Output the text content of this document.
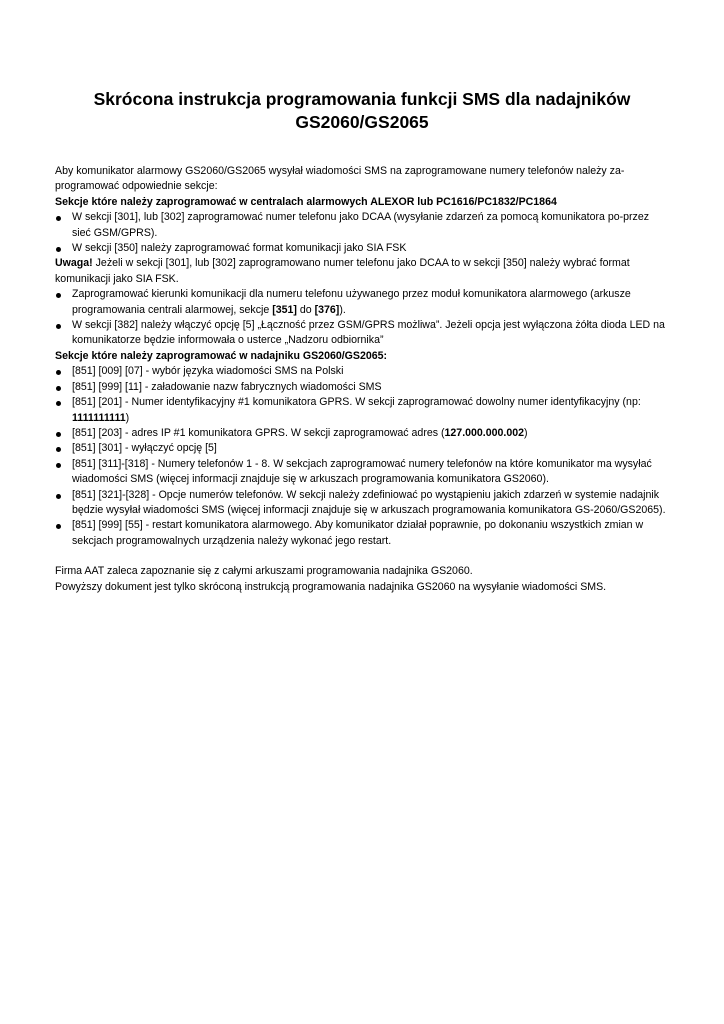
Skrócona instrukcja programowania funkcji SMS dla nadajników
GS2060/GS2065

Aby komunikator alarmowy GS2060/GS2065 wysyłał wiadomości SMS na zaprogramowane numery telefonów należy za-programować odpowiednie sekcje:

Sekcje które należy zaprogramować w centralach alarmowych ALEXOR lub PC1616/PC1832/PC1864

W sekcji [301], lub [302] zaprogramować numer telefonu jako DCAA (wysyłanie zdarzeń za pomocą komunikatora po-przez sieć GSM/GPRS).
W sekcji [350] należy zaprogramować format komunikacji jako SIA FSK

Uwaga! Jeżeli w sekcji [301], lub [302] zaprogramowano numer telefonu jako DCAA to w sekcji [350] należy wybrać format komunikacji jako SIA FSK.

Zaprogramować kierunki komunikacji dla numeru telefonu używanego przez moduł komunikatora alarmowego (arkusze programowania centrali alarmowej, sekcje [351] do [376]).
W sekcji [382] należy włączyć opcję [5] „Łączność przez GSM/GPRS możliwa”. Jeżeli opcja jest wyłączona żółta dioda LED na komunikatorze będzie informowała o usterce „Nadzoru odbiornika”

Sekcje które należy zaprogramować w nadajniku GS2060/GS2065:

[851] [009] [07] - wybór języka wiadomości SMS na Polski
[851] [999] [11] - załadowanie nazw fabrycznych wiadomości SMS
[851] [201] - Numer identyfikacyjny #1 komunikatora GPRS. W sekcji zaprogramować dowolny numer identyfikacyjny (np: 1111111111)
[851] [203] - adres IP #1 komunikatora GPRS. W sekcji zaprogramować adres (127.000.000.002)
[851] [301] - wyłączyć opcję [5]
[851] [311]-[318] - Numery telefonów 1 - 8. W sekcjach zaprogramować numery telefonów na które komunikator ma wysyłać wiadomości SMS (więcej informacji znajduje się w arkuszach programowania komunikatora GS2060).
[851] [321]-[328] - Opcje numerów telefonów. W sekcji należy zdefiniować po wystąpieniu jakich zdarzeń w systemie nadajnik będzie wysyłał wiadomości SMS (więcej informacji znajduje się w arkuszach programowania komunikatora GS-2060/GS2065).
[851] [999] [55] - restart komunikatora alarmowego. Aby komunikator działał poprawnie, po dokonaniu wszystkich zmian w sekcjach programowalnych urządzenia należy wykonać jego restart.

Firma AAT zaleca zapoznanie się z całymi arkuszami programowania nadajnika GS2060.

Powyższy dokument jest tylko skróconą instrukcją programowania nadajnika GS2060 na wysyłanie wiadomości SMS.
